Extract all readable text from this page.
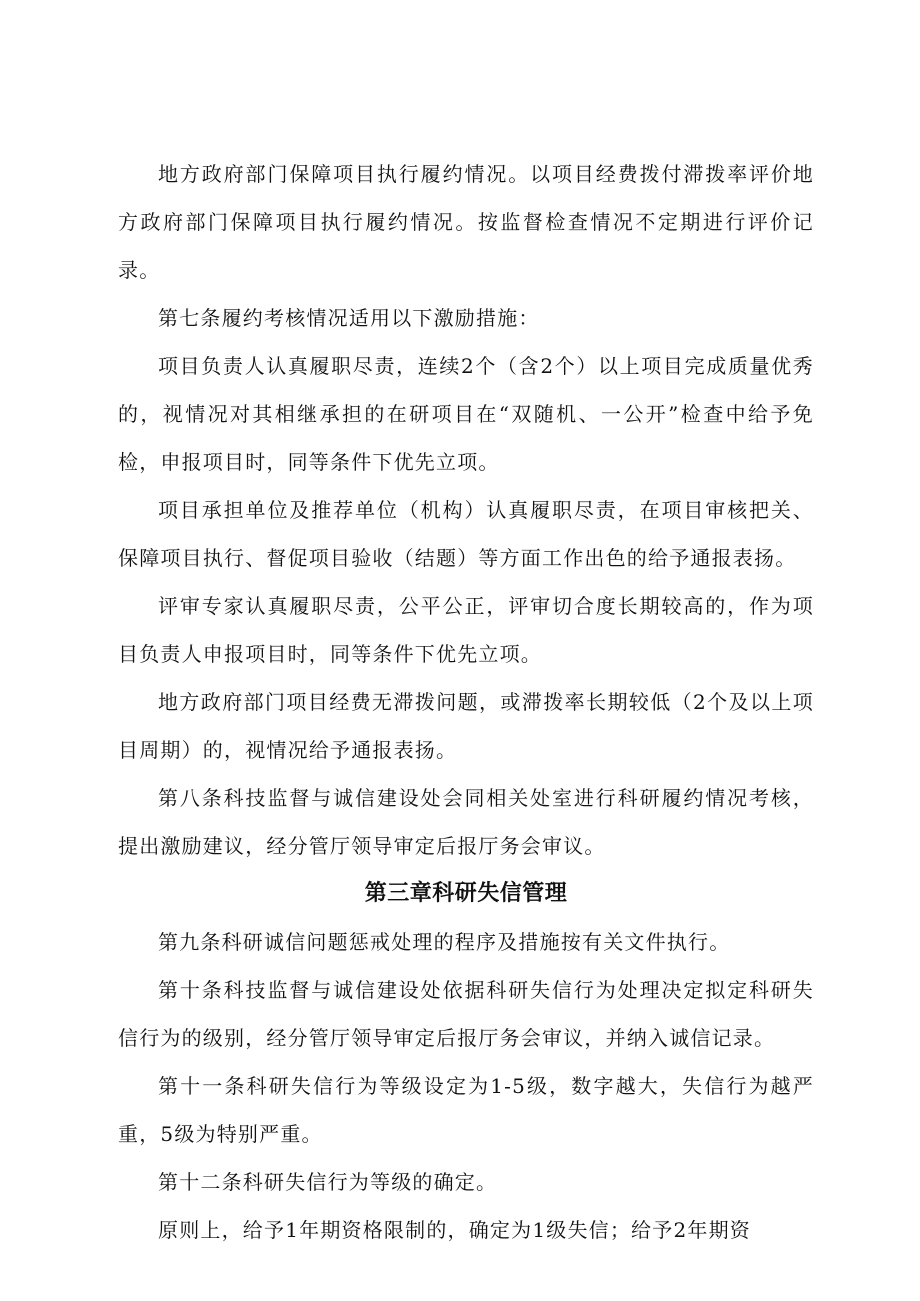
地方政府部门保障项目执行履约情况。以项目经费拨付滞拨率评价地方政府部门保障项目执行履约情况。按监督检查情况不定期进行评价记录。

第七条履约考核情况适用以下激励措施：

项目负责人认真履职尽责，连续2个（含2个）以上项目完成质量优秀的，视情况对其相继承担的在研项目在“双随机、一公开”检查中给予免检，申报项目时，同等条件下优先立项。

项目承担单位及推荐单位（机构）认真履职尽责，在项目审核把关、保障项目执行、督促项目验收（结题）等方面工作出色的给予通报表扬。

评审专家认真履职尽责，公平公正，评审切合度长期较高的，作为项目负责人申报项目时，同等条件下优先立项。

地方政府部门项目经费无滞拨问题，或滞拨率长期较低（2个及以上项目周期）的，视情况给予通报表扬。

第八条科技监督与诚信建设处会同相关处室进行科研履约情况考核，提出激励建议，经分管厅领导审定后报厅务会审议。

第三章科研失信管理

第九条科研诚信问题惩戒处理的程序及措施按有关文件执行。

第十条科技监督与诚信建设处依据科研失信行为处理决定拟定科研失信行为的级别，经分管厅领导审定后报厅务会审议，并纳入诚信记录。

第十一条科研失信行为等级设定为1-5级，数字越大，失信行为越严重，5级为特别严重。

第十二条科研失信行为等级的确定。

原则上，给予1年期资格限制的，确定为1级失信；给予2年期资
